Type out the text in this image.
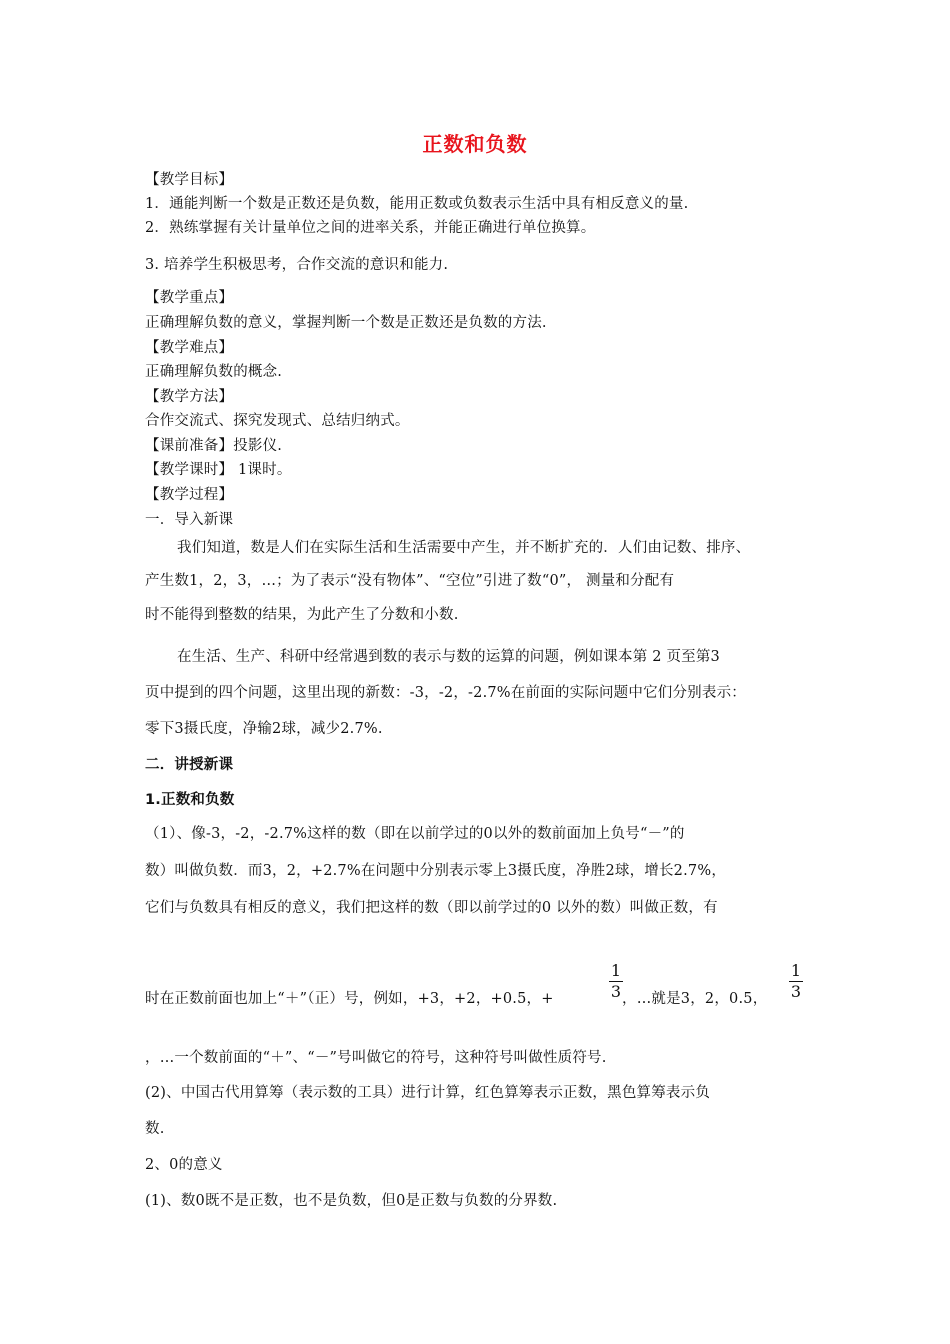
正数和负数
【教学目标】
1．通能判断一个数是正数还是负数，能用正数或负数表示生活中具有相反意义的量.
2．熟练掌握有关计量单位之间的进率关系，并能正确进行单位换算。
3. 培养学生积极思考，合作交流的意识和能力.
【教学重点】
正确理解负数的意义，掌握判断一个数是正数还是负数的方法.
【教学难点】
正确理解负数的概念.
【教学方法】
合作交流式、探究发现式、总结归纳式。
【课前准备】投影仪.
【教学课时】 1课时。
【教学过程】
一．导入新课
我们知道，数是人们在实际生活和生活需要中产生，并不断扩充的．人们由记数、排序、
产生数1，2，3，…；为了表示“没有物体”、“空位”引进了数“0”， 测量和分配有
时不能得到整数的结果，为此产生了分数和小数.
在生活、生产、科研中经常遇到数的表示与数的运算的问题，例如课本第 2 页至第3
页中提到的四个问题，这里出现的新数：-3，-2，-2.7%在前面的实际问题中它们分别表示：
零下3摄氏度，净输2球，减少2.7%.
二．讲授新课
1.正数和负数
（1）、像-3，-2，-2.7%这样的数（即在以前学过的0以外的数前面加上负号“－”的
数）叫做负数．而3，2，+2.7%在问题中分别表示零上3摄氏度，净胜2球，增长2.7%，
它们与负数具有相反的意义，我们把这样的数（即以前学过的0 以外的数）叫做正数，有
时在正数前面也加上“＋”（正）号，例如，+3，+2，+0.5，+
1
3 ，…就是3，2，0.5，
1
3
，…一个数前面的“＋”、“－”号叫做它的符号，这种符号叫做性质符号.
(2)、中国古代用算筹（表示数的工具）进行计算，红色算筹表示正数，黑色算筹表示负
数.
2、0的意义
(1)、数0既不是正数，也不是负数，但0是正数与负数的分界数.
